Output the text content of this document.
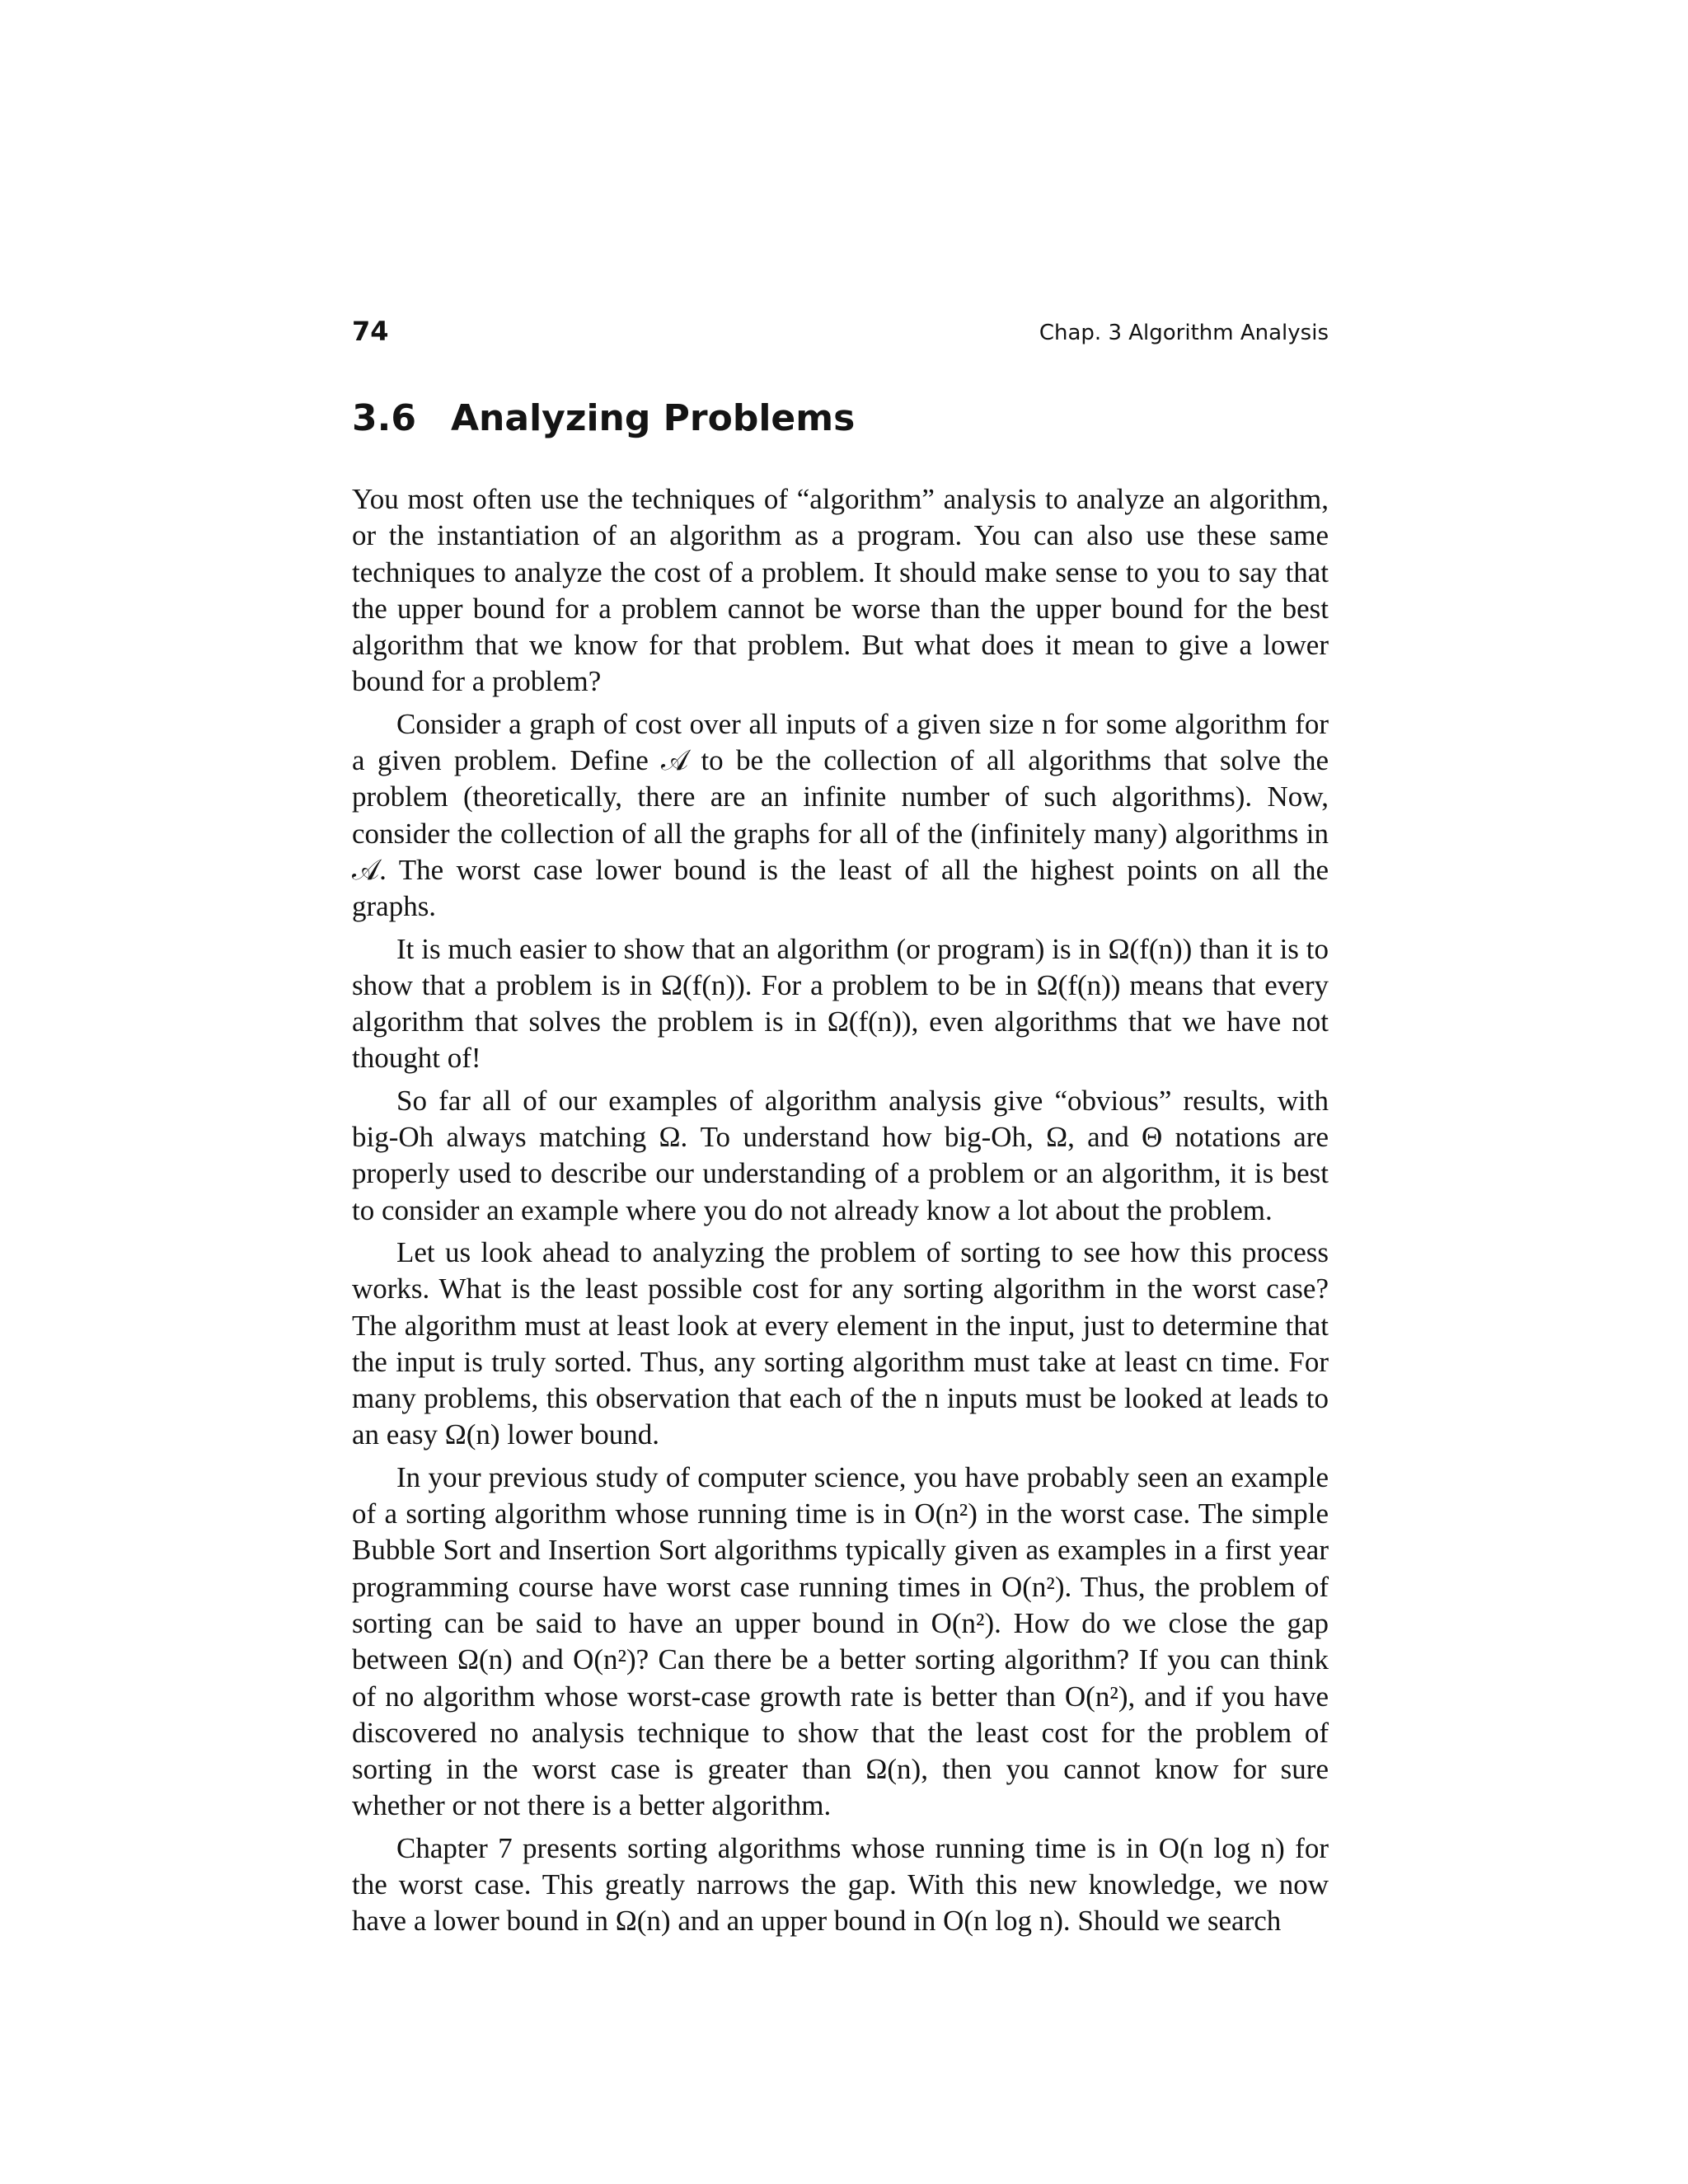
74	Chap. 3 Algorithm Analysis
3.6 Analyzing Problems

You most often use the techniques of “algorithm” analysis to analyze an algorithm, or the instantiation of an algorithm as a program. You can also use these same techniques to analyze the cost of a problem. It should make sense to you to say that the upper bound for a problem cannot be worse than the upper bound for the best algorithm that we know for that problem. But what does it mean to give a lower bound for a problem?

Consider a graph of cost over all inputs of a given size n for some algorithm for a given problem. Define 𝒜 to be the collection of all algorithms that solve the problem (theoretically, there are an infinite number of such algorithms). Now, consider the collection of all the graphs for all of the (infinitely many) algorithms in 𝒜. The worst case lower bound is the least of all the highest points on all the graphs.

It is much easier to show that an algorithm (or program) is in Ω(f(n)) than it is to show that a problem is in Ω(f(n)). For a problem to be in Ω(f(n)) means that every algorithm that solves the problem is in Ω(f(n)), even algorithms that we have not thought of!

So far all of our examples of algorithm analysis give “obvious” results, with big-Oh always matching Ω. To understand how big-Oh, Ω, and Θ notations are properly used to describe our understanding of a problem or an algorithm, it is best to consider an example where you do not already know a lot about the problem.

Let us look ahead to analyzing the problem of sorting to see how this process works. What is the least possible cost for any sorting algorithm in the worst case? The algorithm must at least look at every element in the input, just to determine that the input is truly sorted. Thus, any sorting algorithm must take at least cn time. For many problems, this observation that each of the n inputs must be looked at leads to an easy Ω(n) lower bound.

In your previous study of computer science, you have probably seen an example of a sorting algorithm whose running time is in O(n²) in the worst case. The simple Bubble Sort and Insertion Sort algorithms typically given as examples in a first year programming course have worst case running times in O(n²). Thus, the problem of sorting can be said to have an upper bound in O(n²). How do we close the gap between Ω(n) and O(n²)? Can there be a better sorting algorithm? If you can think of no algorithm whose worst-case growth rate is better than O(n²), and if you have discovered no analysis technique to show that the least cost for the problem of sorting in the worst case is greater than Ω(n), then you cannot know for sure whether or not there is a better algorithm.

Chapter 7 presents sorting algorithms whose running time is in O(n log n) for the worst case. This greatly narrows the gap. With this new knowledge, we now have a lower bound in Ω(n) and an upper bound in O(n log n). Should we search
